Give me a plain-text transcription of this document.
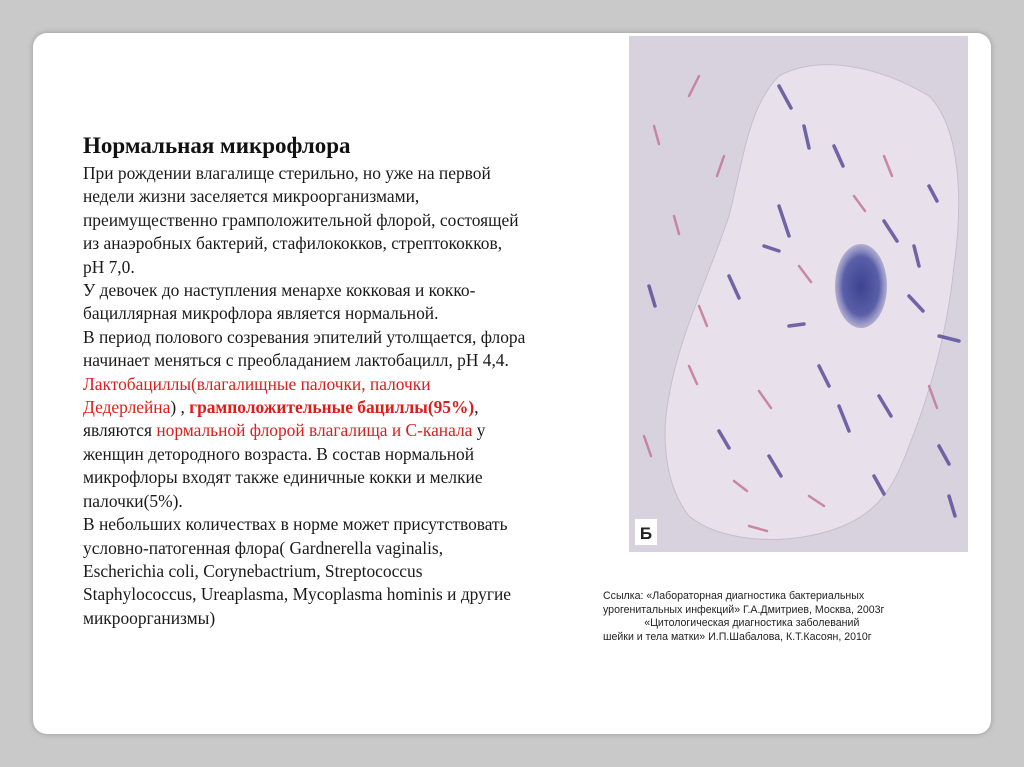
Нормальная микрофлора
При рождении влагалище стерильно, но уже на первой
недели жизни заселяется микроорганизмами,
преимущественно грамположительной флорой, состоящей
из анаэробных бактерий, стафилококков, стрептококков,
рН 7,0.
У девочек до наступления менархе кокковая и кокко-
бациллярная микрофлора является нормальной.
В период полового созревания эпителий утолщается, флора
начинает меняться с преобладанием лактобацилл, рН 4,4.
Лактобациллы(влагалищные палочки, палочки
Дедерлейна) , грамположительные бациллы(95%),
являются нормальной флорой влагалища и С-канала у
женщин детородного возраста. В состав нормальной
микрофлоры входят также единичные кокки и мелкие
палочки(5%).
В небольших количествах в норме может присутствовать
условно-патогенная флора( Gardnerella vaginalis,
Escherichia coli, Corynebactrium, Streptococcus
Staphylococcus, Ureaplasma, Mycoplasma hominis и другие
микроорганизмы)
Б
Ссылка: «Лабораторная диагностика бактериальных
урогенитальных инфекций» Г.А.Дмитриев, Москва, 2003г
«Цитологическая диагностика заболеваний
шейки и тела матки» И.П.Шабалова, К.Т.Касоян, 2010г
